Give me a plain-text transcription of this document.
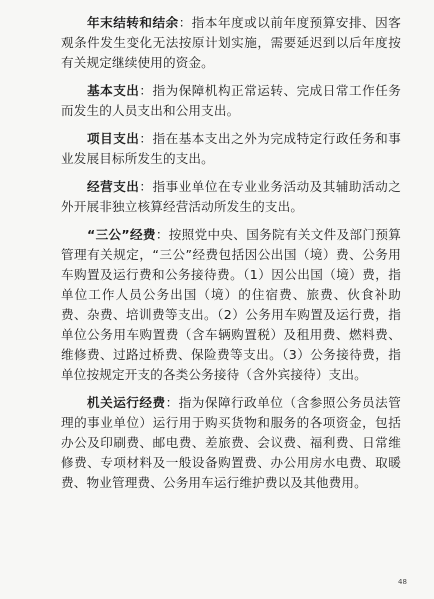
年末结转和结余：指本年度或以前年度预算安排、因客观条件发生变化无法按原计划实施，需要延迟到以后年度按有关规定继续使用的资金。

基本支出：指为保障机构正常运转、完成日常工作任务而发生的人员支出和公用支出。

项目支出：指在基本支出之外为完成特定行政任务和事业发展目标所发生的支出。

经营支出：指事业单位在专业业务活动及其辅助活动之外开展非独立核算经营活动所发生的支出。

“三公”经费：按照党中央、国务院有关文件及部门预算管理有关规定，“三公”经费包括因公出国（境）费、公务用车购置及运行费和公务接待费。（1）因公出国（境）费，指单位工作人员公务出国（境）的住宿费、旅费、伙食补助费、杂费、培训费等支出。（2）公务用车购置及运行费，指单位公务用车购置费（含车辆购置税）及租用费、燃料费、维修费、过路过桥费、保险费等支出。（3）公务接待费，指单位按规定开支的各类公务接待（含外宾接待）支出。

机关运行经费：指为保障行政单位（含参照公务员法管理的事业单位）运行用于购买货物和服务的各项资金，包括办公及印刷费、邮电费、差旅费、会议费、福利费、日常维修费、专项材料及一般设备购置费、办公用房水电费、取暖费、物业管理费、公务用车运行维护费以及其他费用。

48
